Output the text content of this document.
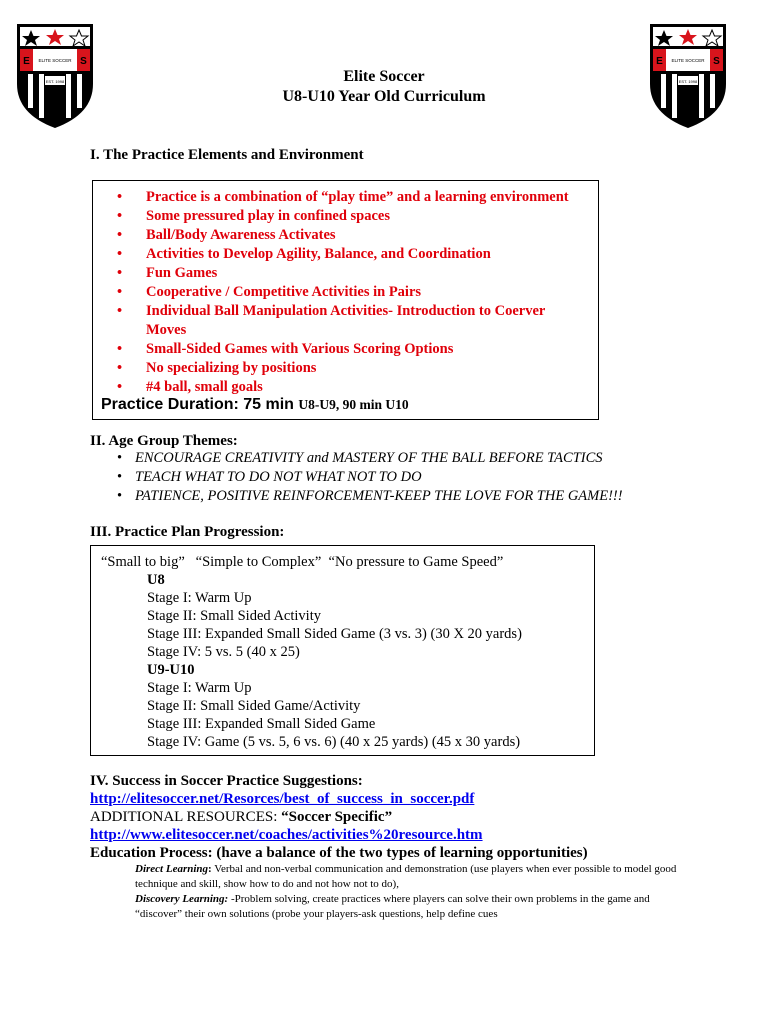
E	S
ELITE SOCCER
EST. 1998
E	S
ELITE SOCCER
EST. 1998
Elite Soccer
U8-U10 Year Old Curriculum
I. The Practice Elements and Environment
• Practice is a combination of “play time” and a learning environment
• Some pressured play in confined spaces
• Ball/Body Awareness Activates
• Activities to Develop Agility, Balance, and Coordination
• Fun Games
• Cooperative / Competitive Activities in Pairs
• Individual Ball Manipulation Activities- Introduction to Coerver Moves
• Small-Sided Games with Various Scoring Options
• No specializing by positions
• #4 ball, small goals
Practice Duration: 75 min U8-U9, 90 min U10
II. Age Group Themes:
• ENCOURAGE CREATIVITY and MASTERY OF THE BALL BEFORE TACTICS
• TEACH WHAT TO DO NOT WHAT NOT TO DO
• PATIENCE, POSITIVE REINFORCEMENT-KEEP THE LOVE FOR THE GAME!!!
III. Practice Plan Progression:
“Small to big”   “Simple to Complex”  “No pressure to Game Speed”
U8
Stage I: Warm Up
Stage II: Small Sided Activity
Stage III: Expanded Small Sided Game (3 vs. 3) (30 X 20 yards)
Stage IV: 5 vs. 5 (40 x 25)
U9-U10
Stage I: Warm Up
Stage II: Small Sided Game/Activity
Stage III: Expanded Small Sided Game
Stage IV: Game (5 vs. 5, 6 vs. 6) (40 x 25 yards) (45 x 30 yards)
IV. Success in Soccer Practice Suggestions:
http://elitesoccer.net/Resorces/best_of_success_in_soccer.pdf
ADDITIONAL RESOURCES: “Soccer Specific”
http://www.elitesoccer.net/coaches/activities%20resource.htm
Education Process: (have a balance of the two types of learning opportunities)
Direct Learning: Verbal and non-verbal communication and demonstration (use players when ever possible to model good technique and skill, show how to do and not how not to do),
Discovery Learning: -Problem solving, create practices where players can solve their own problems in the game and “discover” their own solutions (probe your players-ask questions, help define cues
